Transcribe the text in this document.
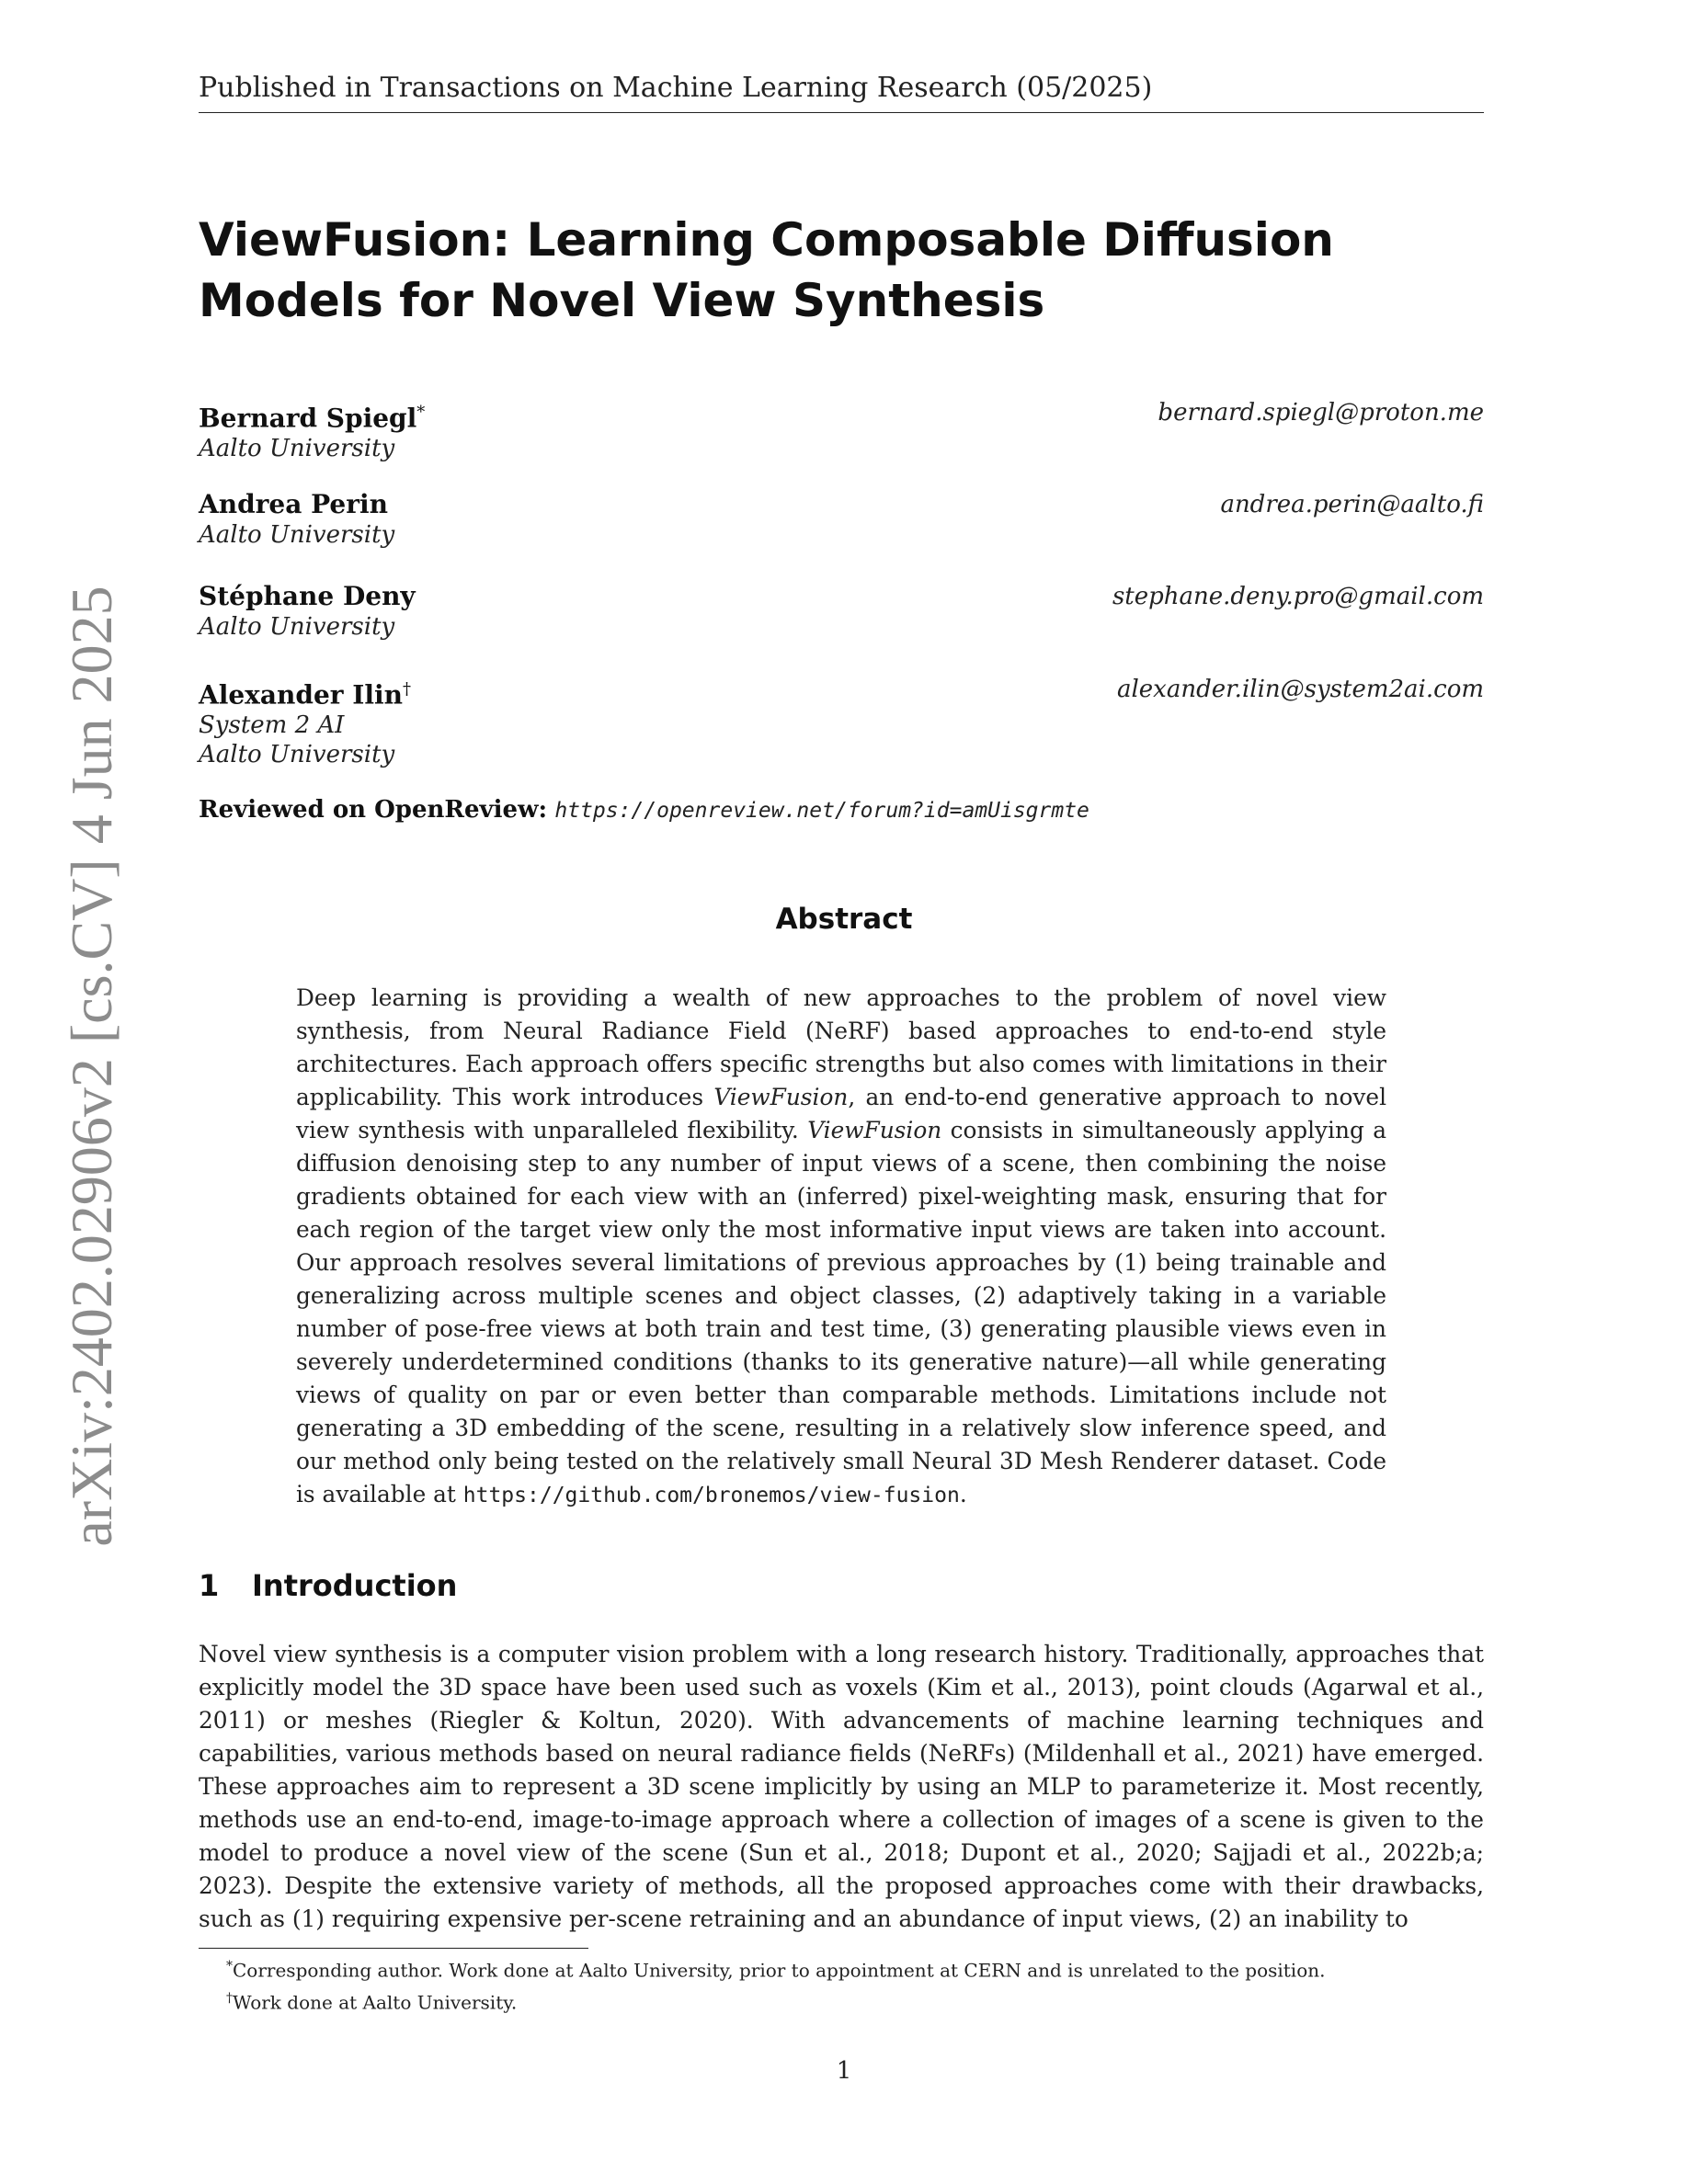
Published in Transactions on Machine Learning Research (05/2025)
arXiv:2402.02906v2 [cs.CV] 4 Jun 2025
ViewFusion: Learning Composable Diffusion Models for Novel View Synthesis
Bernard Spiegl*
Aalto University
bernard.spiegl@proton.me
Andrea Perin
Aalto University
andrea.perin@aalto.fi
Stéphane Deny
Aalto University
stephane.deny.pro@gmail.com
Alexander Ilin†
System 2 AI
Aalto University
alexander.ilin@system2ai.com
Reviewed on OpenReview: https://openreview.net/forum?id=amUisgrmte
Abstract

Deep learning is providing a wealth of new approaches to the problem of novel view synthesis, from Neural Radiance Field (NeRF) based approaches to end-to-end style architectures. Each approach offers specific strengths but also comes with limitations in their applicability. This work introduces ViewFusion, an end-to-end generative approach to novel view synthesis with unparalleled flexibility. ViewFusion consists in simultaneously applying a diffusion denoising step to any number of input views of a scene, then combining the noise gradients obtained for each view with an (inferred) pixel-weighting mask, ensuring that for each region of the target view only the most informative input views are taken into account. Our approach resolves several limitations of previous approaches by (1) being trainable and generalizing across multiple scenes and object classes, (2) adaptively taking in a variable number of pose-free views at both train and test time, (3) generating plausible views even in severely underdetermined conditions (thanks to its generative nature)—all while generating views of quality on par or even better than comparable methods. Limitations include not generating a 3D embedding of the scene, resulting in a relatively slow inference speed, and our method only being tested on the relatively small Neural 3D Mesh Renderer dataset. Code is available at https://github.com/bronemos/view-fusion.

1 Introduction

Novel view synthesis is a computer vision problem with a long research history. Traditionally, approaches that explicitly model the 3D space have been used such as voxels (Kim et al., 2013), point clouds (Agarwal et al., 2011) or meshes (Riegler & Koltun, 2020). With advancements of machine learning techniques and capabilities, various methods based on neural radiance fields (NeRFs) (Mildenhall et al., 2021) have emerged. These approaches aim to represent a 3D scene implicitly by using an MLP to parameterize it. Most recently, methods use an end-to-end, image-to-image approach where a collection of images of a scene is given to the model to produce a novel view of the scene (Sun et al., 2018; Dupont et al., 2020; Sajjadi et al., 2022b;a; 2023). Despite the extensive variety of methods, all the proposed approaches come with their drawbacks, such as (1) requiring expensive per-scene retraining and an abundance of input views, (2) an inability to

*Corresponding author. Work done at Aalto University, prior to appointment at CERN and is unrelated to the position.
†Work done at Aalto University.
1
